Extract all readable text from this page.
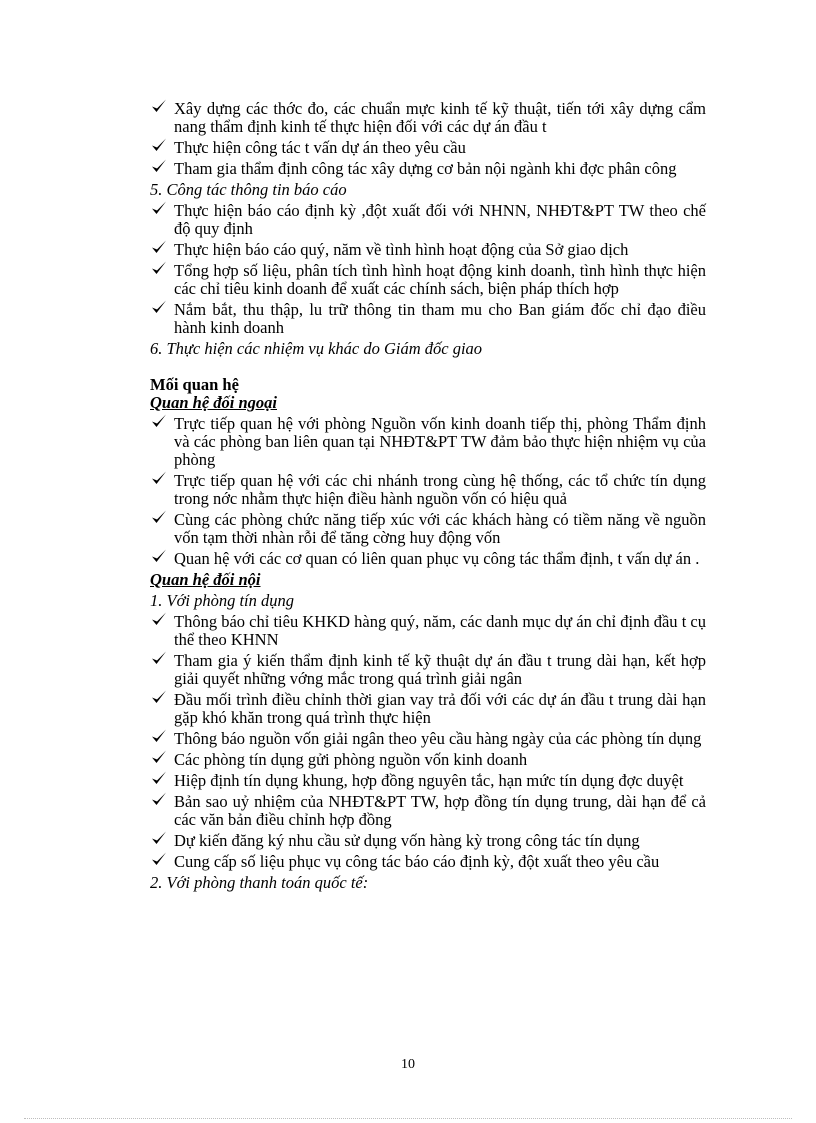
Xây dựng các thớc đo, các chuẩn mực kinh tế kỹ thuật, tiến tới xây dựng cẩm nang thẩm định kinh tế thực hiện đối với các dự án đầu t
Thực hiện công tác t vấn dự án theo yêu cầu
Tham gia thẩm định công tác xây dựng cơ bản nội ngành khi đợc phân công
5. Công tác thông tin báo cáo
Thực hiện báo cáo định kỳ ,đột xuất đối với NHNN, NHĐT&PT TW theo chế độ quy định
Thực hiện báo cáo quý, năm về tình hình hoạt động của Sở giao dịch
Tổng hợp số liệu, phân tích tình hình hoạt động kinh doanh, tình hình thực hiện các chỉ tiêu kinh doanh để xuất các chính sách, biện pháp thích hợp
Nắm bắt, thu thập, lu trữ thông tin tham mu cho Ban giám đốc chỉ đạo điều hành kinh doanh
6. Thực hiện các nhiệm vụ khác do Giám đốc giao
Mối quan hệ
Quan hệ đối ngoại
Trực tiếp quan hệ với phòng Nguồn vốn kinh doanh tiếp thị, phòng Thẩm định và các phòng ban liên quan tại NHĐT&PT TW đảm bảo thực hiện nhiệm vụ của phòng
Trực tiếp quan hệ với các chi nhánh trong cùng hệ thống, các tổ chức tín dụng trong nớc nhằm thực hiện điều hành nguồn vốn có hiệu quả
Cùng các phòng chức năng tiếp xúc với các khách hàng có tiềm năng về nguồn vốn tạm thời nhàn rỗi để tăng cờng huy động vốn
Quan hệ với các cơ quan có liên quan phục vụ công tác thẩm định, t vấn dự án .
Quan hệ đối nội
1. Với phòng tín dụng
Thông báo chỉ tiêu KHKD hàng quý, năm, các danh mục dự án chỉ định đầu t cụ thể theo KHNN
Tham gia ý kiến thẩm định kinh tế kỹ thuật dự án đầu t trung dài hạn, kết hợp giải quyết những vớng mắc trong quá trình giải ngân
Đầu mối trình điều chỉnh thời gian vay trả đối với các dự án đầu t trung dài hạn gặp khó khăn trong quá trình thực hiện
Thông báo nguồn vốn giải ngân theo yêu cầu hàng ngày của các phòng tín dụng
Các phòng tín dụng gửi phòng nguồn vốn kinh doanh
Hiệp định tín dụng khung, hợp đồng nguyên tắc, hạn mức tín dụng đợc duyệt
Bản sao uỷ nhiệm của NHĐT&PT TW, hợp đồng tín dụng trung, dài hạn để cả các văn bản điều chỉnh hợp đồng
Dự kiến đăng ký nhu cầu sử dụng vốn hàng kỳ trong công tác tín dụng
Cung cấp số liệu phục vụ công tác báo cáo định kỳ, đột xuất theo yêu cầu
2. Với phòng thanh toán quốc tế:
10
